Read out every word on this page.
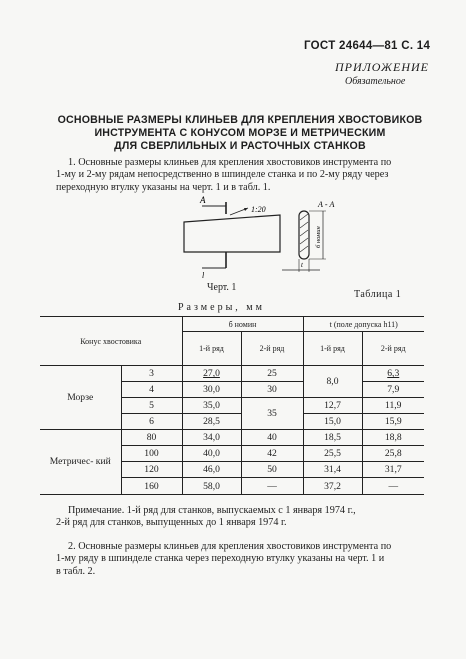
ГОСТ 24644—81 С. 14
ПРИЛОЖЕНИЕ
Обязательное
ОСНОВНЫЕ РАЗМЕРЫ КЛИНЬЕВ ДЛЯ КРЕПЛЕНИЯ ХВОСТОВИКОВ
ИНСТРУМЕНТА С КОНУСОМ МОРЗЕ И МЕТРИЧЕСКИМ
ДЛЯ СВЕРЛИЛЬНЫХ И РАСТОЧНЫХ СТАНКОВ
1. Основные размеры клиньев для крепления хвостовиков инструмента по
1-му и 2-му рядам непосредственно в шпинделе станка и по 2-му ряду через
переходную втулку указаны на черт. 1 и в табл. 1.
А
1:20
l
А - А
б номин
t
Черт. 1
Таблица 1
Размеры, мм
Конус хвостовика		б номин		t (поле допуска h11)	
		1-й ряд	2-й ряд	1-й ряд	2-й ряд
Морзе	3	27,0	25	8,0	6,3
	4	30,0	30		7,9
	5	35,0	35	12,7	11,9
	6	28,5		15,0	15,9
Метричес- кий	80	34,0	40	18,5	18,8
	100	40,0	42	25,5	25,8
	120	46,0	50	31,4	31,7
	160	58,0	—	37,2	—
Примечание. 1-й ряд для станков, выпускаемых с 1 января 1974 г.,
2-й ряд для станков, выпущенных до 1 января 1974 г.
2. Основные размеры клиньев для крепления хвостовиков инструмента по
1-му ряду в шпинделе станка через переходную втулку указаны на черт. 1 и
в табл. 2.
